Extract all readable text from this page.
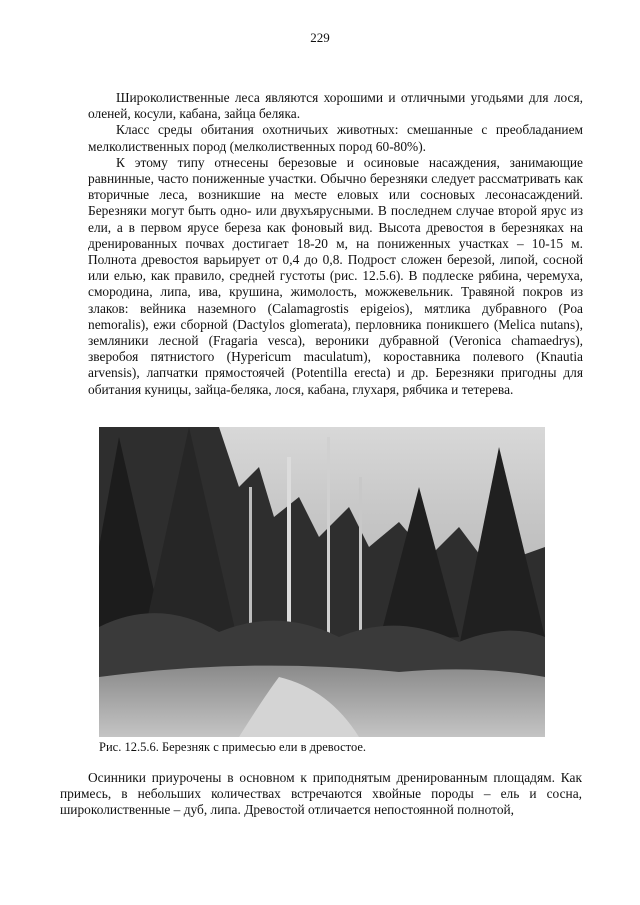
229

Широколиственные леса являются хорошими и отличными угодьями для лося, оленей, косули, кабана, зайца беляка.

Класс среды обитания охотничьих животных: смешанные с преобладанием мелколиственных пород (мелколиственных пород 60-80%).

К этому типу отнесены березовые и осиновые насаждения, занимающие равнинные, часто пониженные участки. Обычно березняки следует рассматривать как вторичные леса, возникшие на месте еловых или сосновых лесонасаждений. Березняки могут быть одно- или двухъярусными. В последнем случае второй ярус из ели, а в первом ярусе береза как фоновый вид. Высота древостоя в березняках на дренированных почвах достигает 18-20 м, на пониженных участках – 10-15 м. Полнота древостоя варьирует от 0,4 до 0,8. Подрост сложен березой, липой, сосной или елью, как правило, средней густоты (рис. 12.5.6). В подлеске рябина, черемуха, смородина, липа, ива, крушина, жимолость, можжевельник. Травяной покров из злаков: вейника наземного (Calamagrostis epigeios), мятлика дубравного (Poa nemoralis), ежи сборной (Dactylos glomerata), перловника поникшего (Melica nutans), земляники лесной (Fragaria vesca), вероники дубравной (Veronica chamaedrys), зверобоя пятнистого (Hypericum maculatum), короставника полевого (Knautia arvensis), лапчатки прямостоячей (Potentilla erecta) и др. Березняки пригодны для обитания куницы, зайца-беляка, лося, кабана, глухаря, рябчика и тетерева.

Рис. 12.5.6. Березняк с примесью ели в древостое.

Осинники приурочены в основном к приподнятым дренированным площадям. Как примесь, в небольших количествах встречаются хвойные породы – ель и сосна, широколиственные – дуб, липа. Древостой отличается непостоянной полнотой,
